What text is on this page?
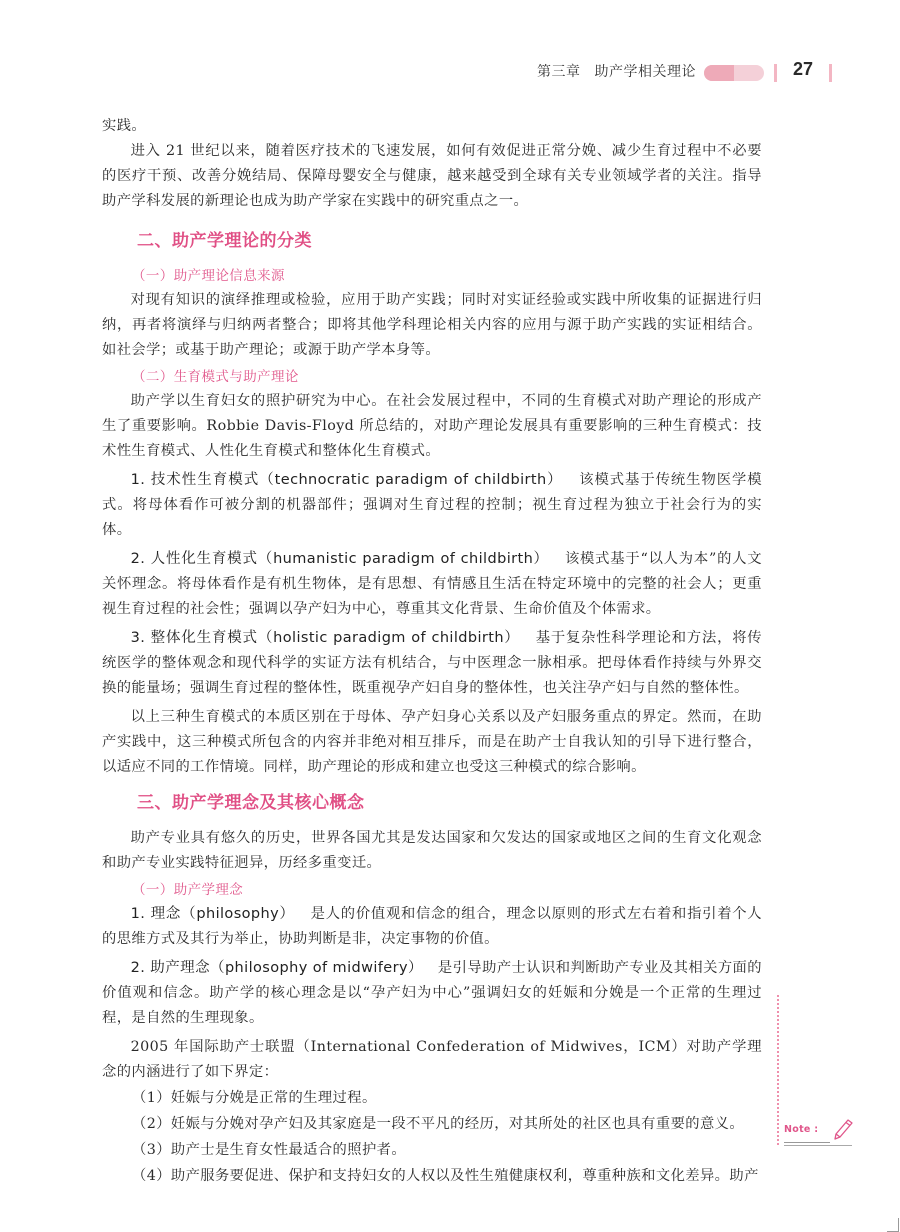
第三章 助产学相关理论	27

实践。

进入 21 世纪以来，随着医疗技术的飞速发展，如何有效促进正常分娩、减少生育过程中不必要的医疗干预、改善分娩结局、保障母婴安全与健康，越来越受到全球有关专业领域学者的关注。指导助产学科发展的新理论也成为助产学家在实践中的研究重点之一。

二、助产学理论的分类
（一）助产理论信息来源

对现有知识的演绎推理或检验，应用于助产实践；同时对实证经验或实践中所收集的证据进行归纳，再者将演绎与归纳两者整合；即将其他学科理论相关内容的应用与源于助产实践的实证相结合。如社会学；或基于助产理论；或源于助产学本身等。

（二）生育模式与助产理论

助产学以生育妇女的照护研究为中心。在社会发展过程中，不同的生育模式对助产理论的形成产生了重要影响。Robbie Davis-Floyd 所总结的，对助产理论发展具有重要影响的三种生育模式：技术性生育模式、人性化生育模式和整体化生育模式。

1. 技术性生育模式（technocratic paradigm of childbirth） 该模式基于传统生物医学模式。将母体看作可被分割的机器部件；强调对生育过程的控制；视生育过程为独立于社会行为的实体。

2. 人性化生育模式（humanistic paradigm of childbirth） 该模式基于“以人为本”的人文关怀理念。将母体看作是有机生物体，是有思想、有情感且生活在特定环境中的完整的社会人；更重视生育过程的社会性；强调以孕产妇为中心，尊重其文化背景、生命价值及个体需求。

3. 整体化生育模式（holistic paradigm of childbirth） 基于复杂性科学理论和方法，将传统医学的整体观念和现代科学的实证方法有机结合，与中医理念一脉相承。把母体看作持续与外界交换的能量场；强调生育过程的整体性，既重视孕产妇自身的整体性，也关注孕产妇与自然的整体性。

以上三种生育模式的本质区别在于母体、孕产妇身心关系以及产妇服务重点的界定。然而，在助产实践中，这三种模式所包含的内容并非绝对相互排斥，而是在助产士自我认知的引导下进行整合，以适应不同的工作情境。同样，助产理论的形成和建立也受这三种模式的综合影响。

三、助产学理念及其核心概念

助产专业具有悠久的历史，世界各国尤其是发达国家和欠发达的国家或地区之间的生育文化观念和助产专业实践特征迥异，历经多重变迁。

（一）助产学理念

1. 理念（philosophy） 是人的价值观和信念的组合，理念以原则的形式左右着和指引着个人的思维方式及其行为举止，协助判断是非，决定事物的价值。

2. 助产理念（philosophy of midwifery） 是引导助产士认识和判断助产专业及其相关方面的价值观和信念。助产学的核心理念是以“孕产妇为中心”强调妇女的妊娠和分娩是一个正常的生理过程，是自然的生理现象。

2005 年国际助产士联盟（International Confederation of Midwives，ICM）对助产学理念的内涵进行了如下界定：

（1）妊娠与分娩是正常的生理过程。

（2）妊娠与分娩对孕产妇及其家庭是一段不平凡的经历，对其所处的社区也具有重要的意义。

（3）助产士是生育女性最适合的照护者。

（4）助产服务要促进、保护和支持妇女的人权以及性生殖健康权利，尊重种族和文化差异。助产

Note :
